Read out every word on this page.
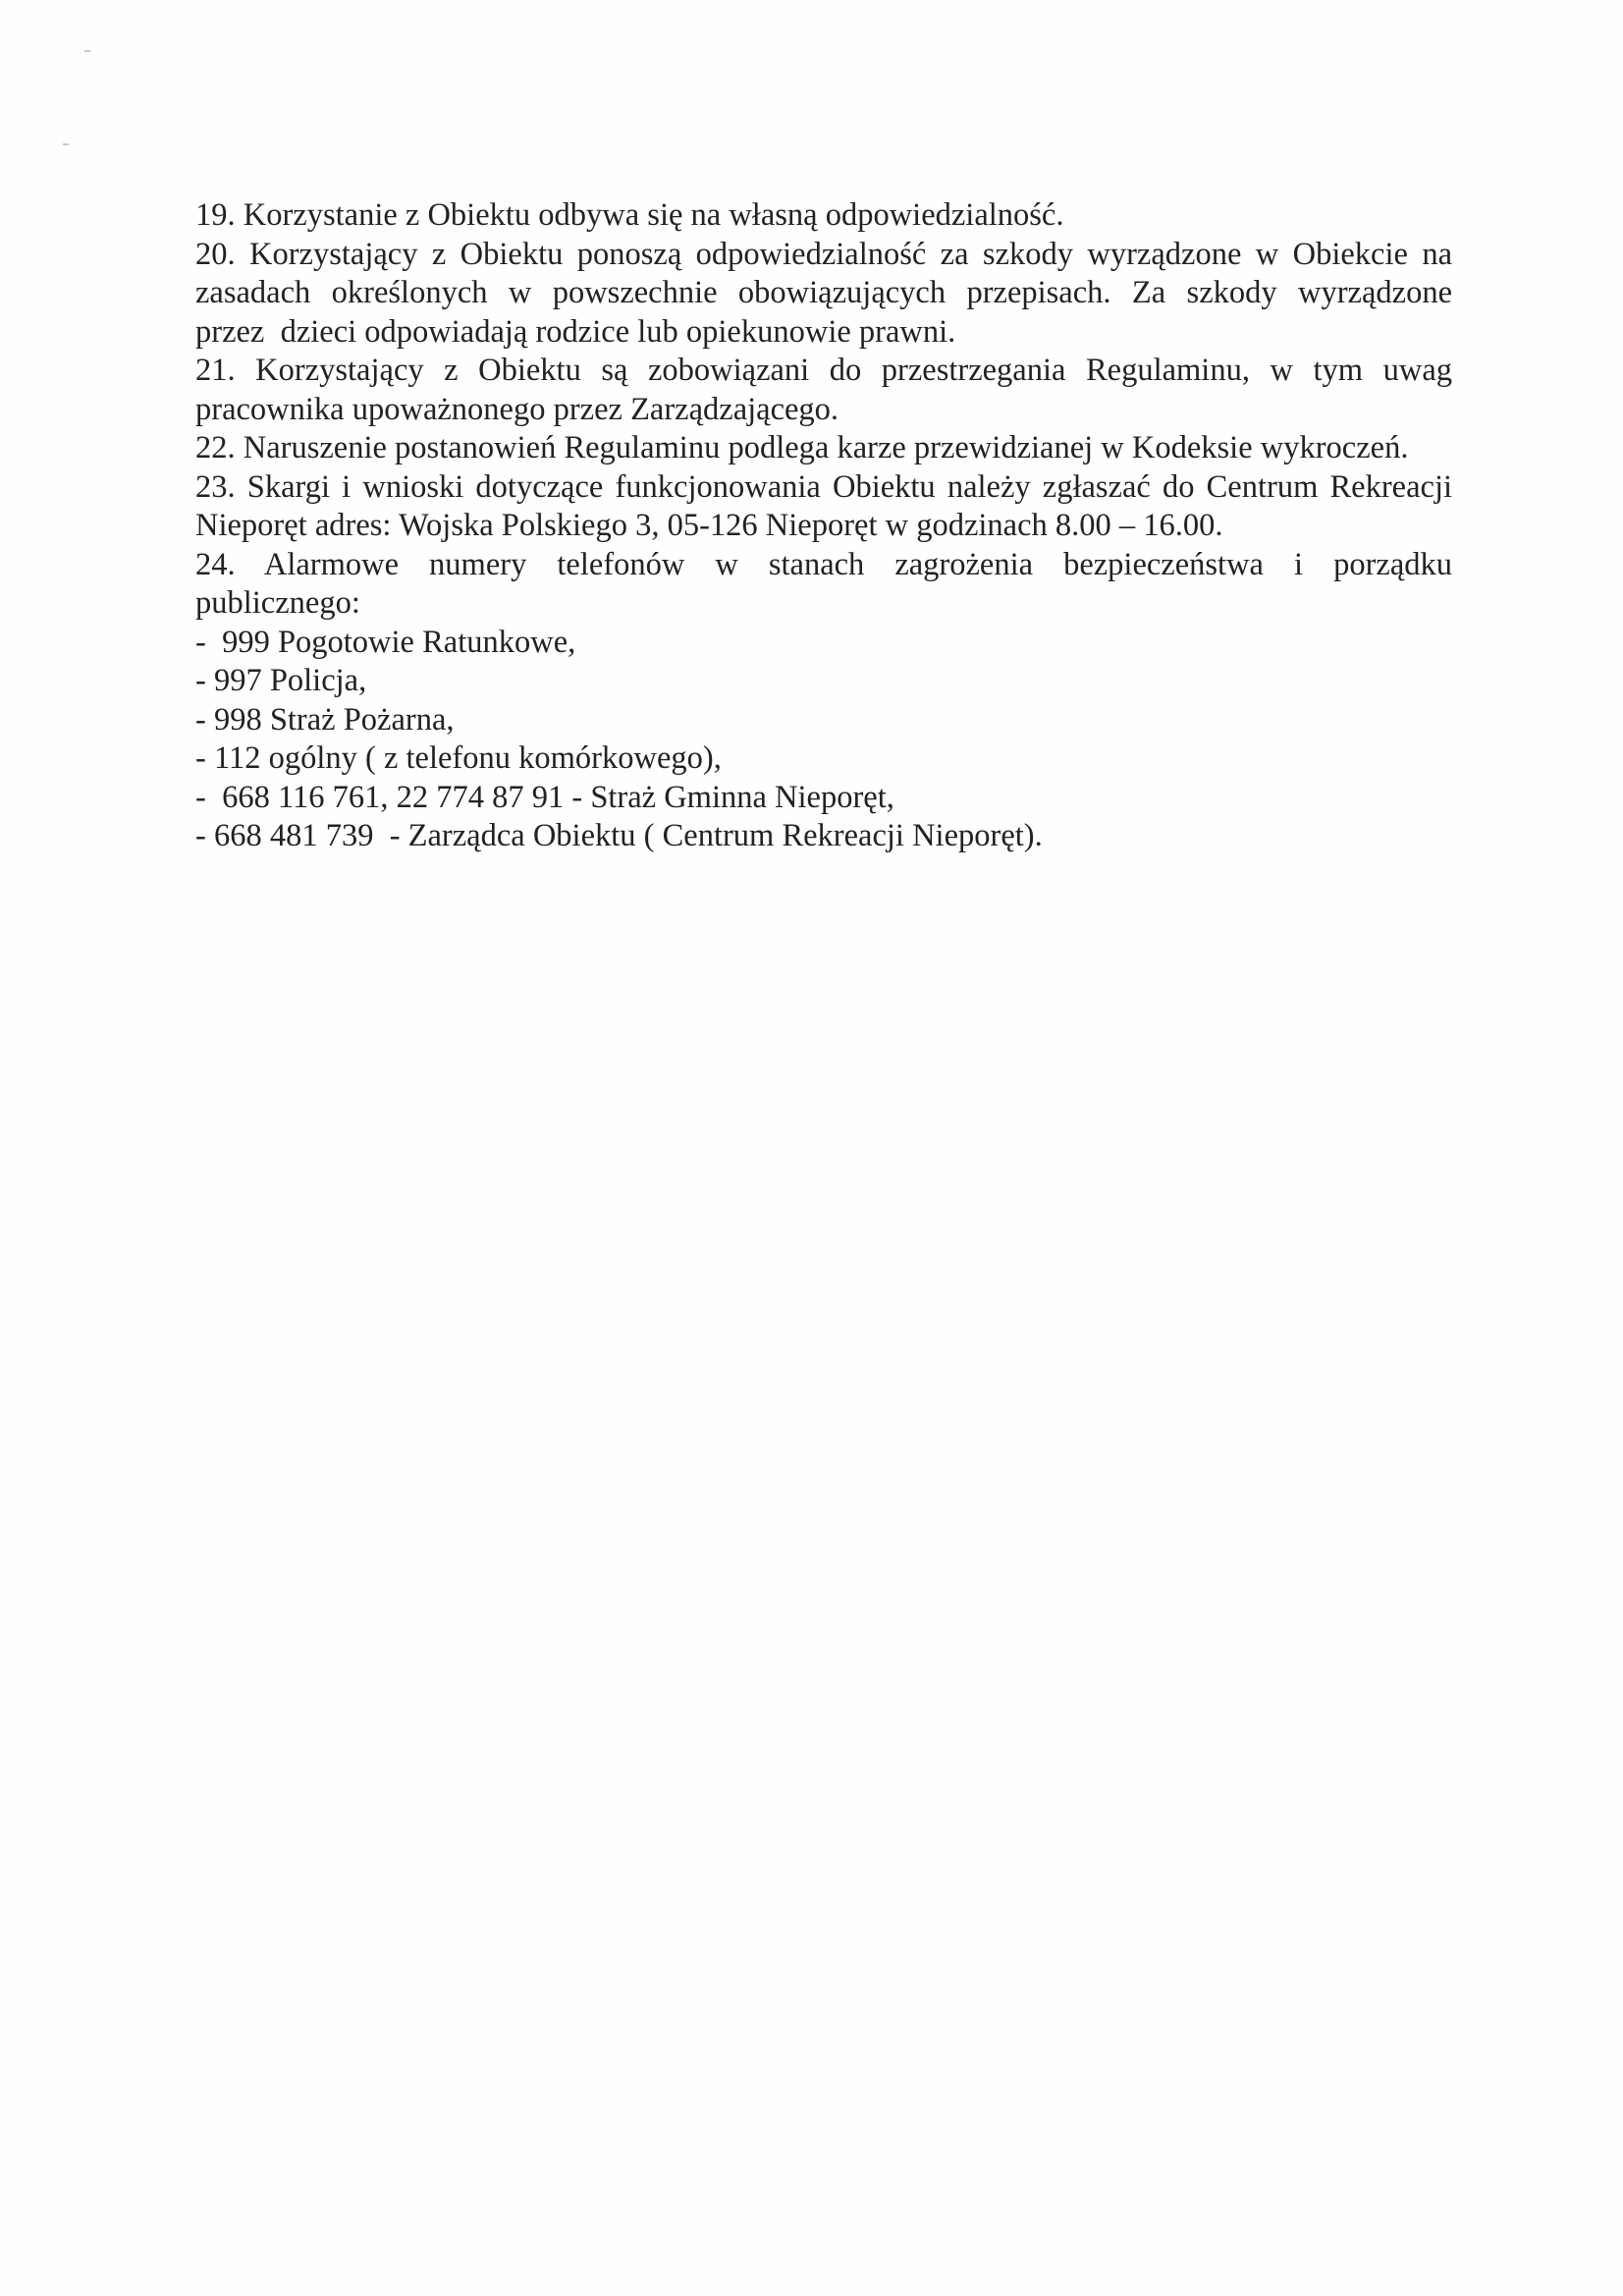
19. Korzystanie z Obiektu odbywa się na własną odpowiedzialność.

20. Korzystający z Obiektu ponoszą odpowiedzialność za szkody wyrządzone w Obiekcie na
zasadach określonych w powszechnie obowiązujących przepisach. Za szkody wyrządzone
przez  dzieci odpowiadają rodzice lub opiekunowie prawni.

21. Korzystający z Obiektu są zobowiązani do przestrzegania Regulaminu, w tym uwag
pracownika upoważnonego przez Zarządzającego.

22. Naruszenie postanowień Regulaminu podlega karze przewidzianej w Kodeksie wykroczeń.

23. Skargi i wnioski dotyczące funkcjonowania Obiektu należy zgłaszać do Centrum Rekreacji
Nieporęt adres: Wojska Polskiego 3, 05-126 Nieporęt w godzinach 8.00 – 16.00.

24. Alarmowe numery telefonów w stanach zagrożenia bezpieczeństwa i porządku
publicznego:

-  999 Pogotowie Ratunkowe,
- 997 Policja,
- 998 Straż Pożarna,
- 112 ogólny ( z telefonu komórkowego),
-  668 116 761, 22 774 87 91 - Straż Gminna Nieporęt,
- 668 481 739  - Zarządca Obiektu ( Centrum Rekreacji Nieporęt).
